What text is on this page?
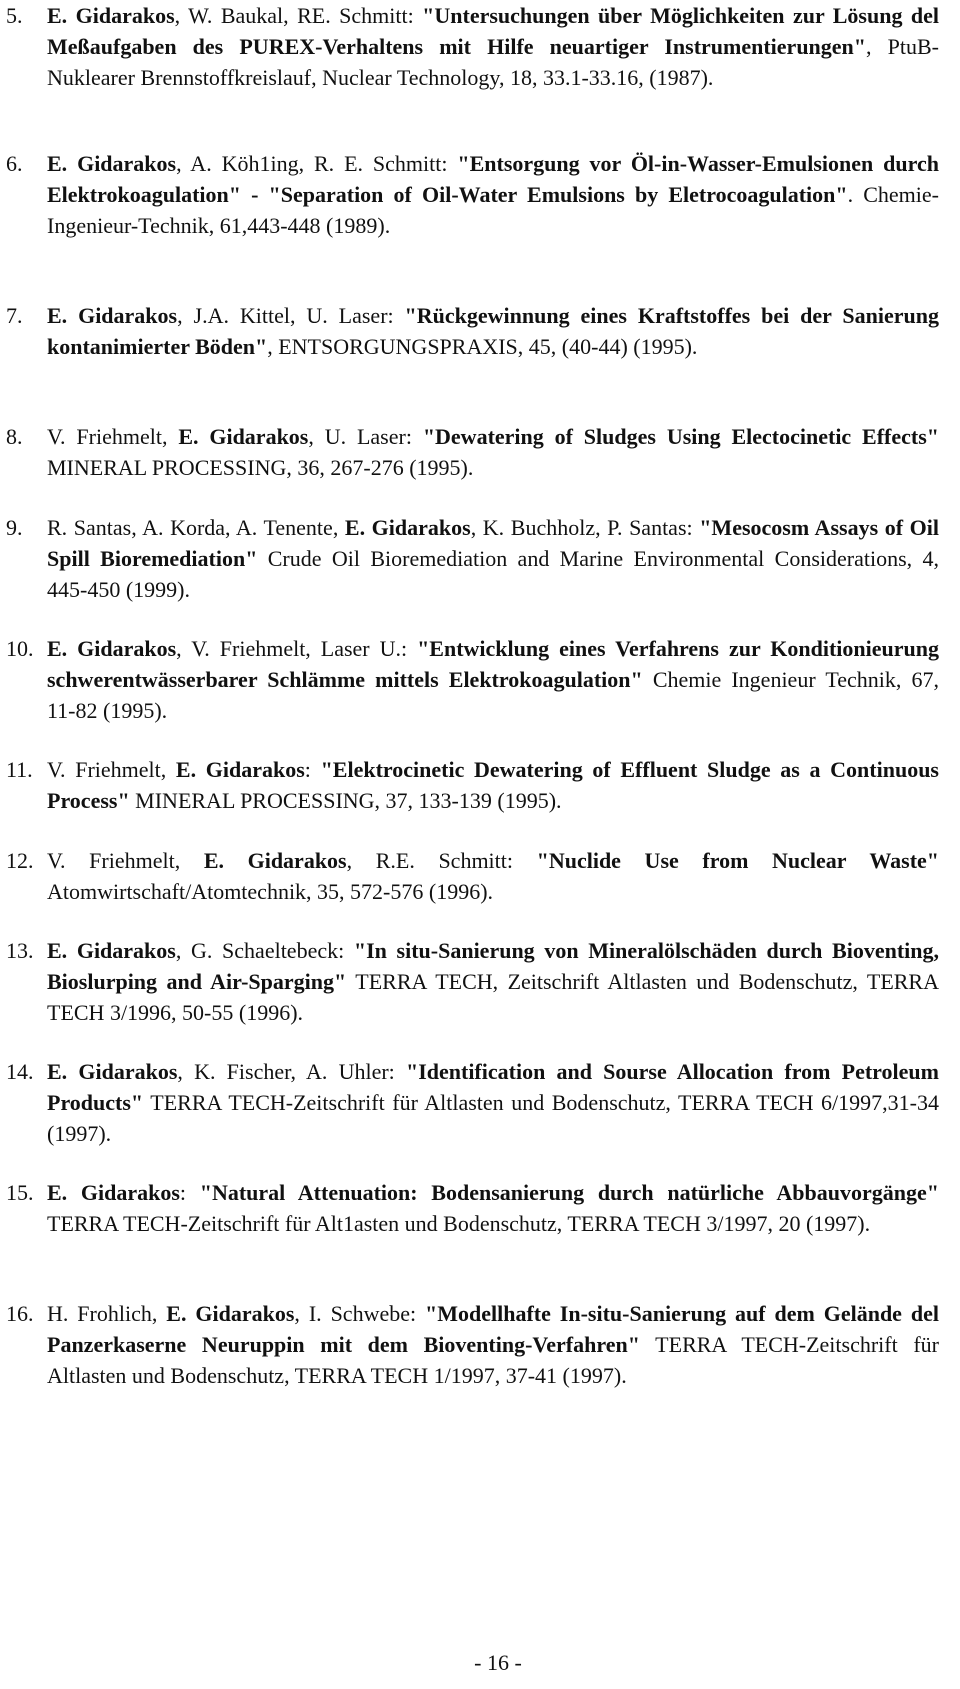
5. E. Gidarakos, W. Baukal, RE. Schmitt: "Untersuchungen über Möglichkeiten zur Lösung del Meßaufgaben des PUREX-Verhaltens mit Hilfe neuartiger Instrumentierungen", PtuB-Nuklearer Brennstoffkreislauf, Nuclear Technology, 18, 33.1-33.16, (1987).
6. E. Gidarakos, A. Köh1ing, R. E. Schmitt: "Entsorgung vor Öl-in-Wasser-Emulsionen durch Elektrokoagulation" - "Separation of Oil-Water Emulsions by Eletrocoagulation". Chemie-Ingenieur-Technik, 61,443-448 (1989).
7. E. Gidarakos, J.A. Kittel, U. Laser: "Rückgewinnung eines Kraftstoffes bei der Sanierung kontanimierter Böden", ENTSORGUNGSPRAXIS, 45, (40-44) (1995).
8. V. Friehmelt, E. Gidarakos, U. Laser: "Dewatering of Sludges Using Electocinetic Effects" MINERAL PROCESSING, 36, 267-276 (1995).
9. R. Santas, A. Korda, A. Tenente, E. Gidarakos, K. Buchholz, P. Santas: "Mesocosm Assays of Oil Spill Bioremediation" Crude Oil Bioremediation and Marine Environmental Considerations, 4, 445-450 (1999).
10. E. Gidarakos, V. Friehmelt, Laser U.: "Entwicklung eines Verfahrens zur Konditionieurung schwerentwässerbarer Schlämme mittels Elektrokoagulation" Chemie Ingenieur Technik, 67, 11-82 (1995).
11. V. Friehmelt, E. Gidarakos: "Elektrocinetic Dewatering of Effluent Sludge as a Continuous Process" MINERAL PROCESSING, 37, 133-139 (1995).
12. V. Friehmelt, E. Gidarakos, R.E. Schmitt: "Nuclide Use from Nuclear Waste" Atomwirtschaft/Atomtechnik, 35, 572-576 (1996).
13. E. Gidarakos, G. Schaeltebeck: "In situ-Sanierung von Mineralölschäden durch Bioventing, Bioslurping and Air-Sparging" TERRA TECH, Zeitschrift Altlasten und Bodenschutz, TERRA TECH 3/1996, 50-55 (1996).
14. E. Gidarakos, K. Fischer, A. Uhler: "Identification and Sourse Allocation from Petroleum Products" TERRA TECH-Zeitschrift für Altlasten und Bodenschutz, TERRA TECH 6/1997,31-34 (1997).
15. E. Gidarakos: "Natural Attenuation: Bodensanierung durch natürliche Abbauvorgänge" TERRA TECH-Zeitschrift für Alt1asten und Bodenschutz, TERRA TECH 3/1997, 20 (1997).
16. H. Frohlich, E. Gidarakos, I. Schwebe: "Modellhafte In-situ-Sanierung auf dem Gelände del Panzerkaserne Neuruppin mit dem Bioventing-Verfahren" TERRA TECH-Zeitschrift für Altlasten und Bodenschutz, TERRA TECH 1/1997, 37-41 (1997).
- 16 -
